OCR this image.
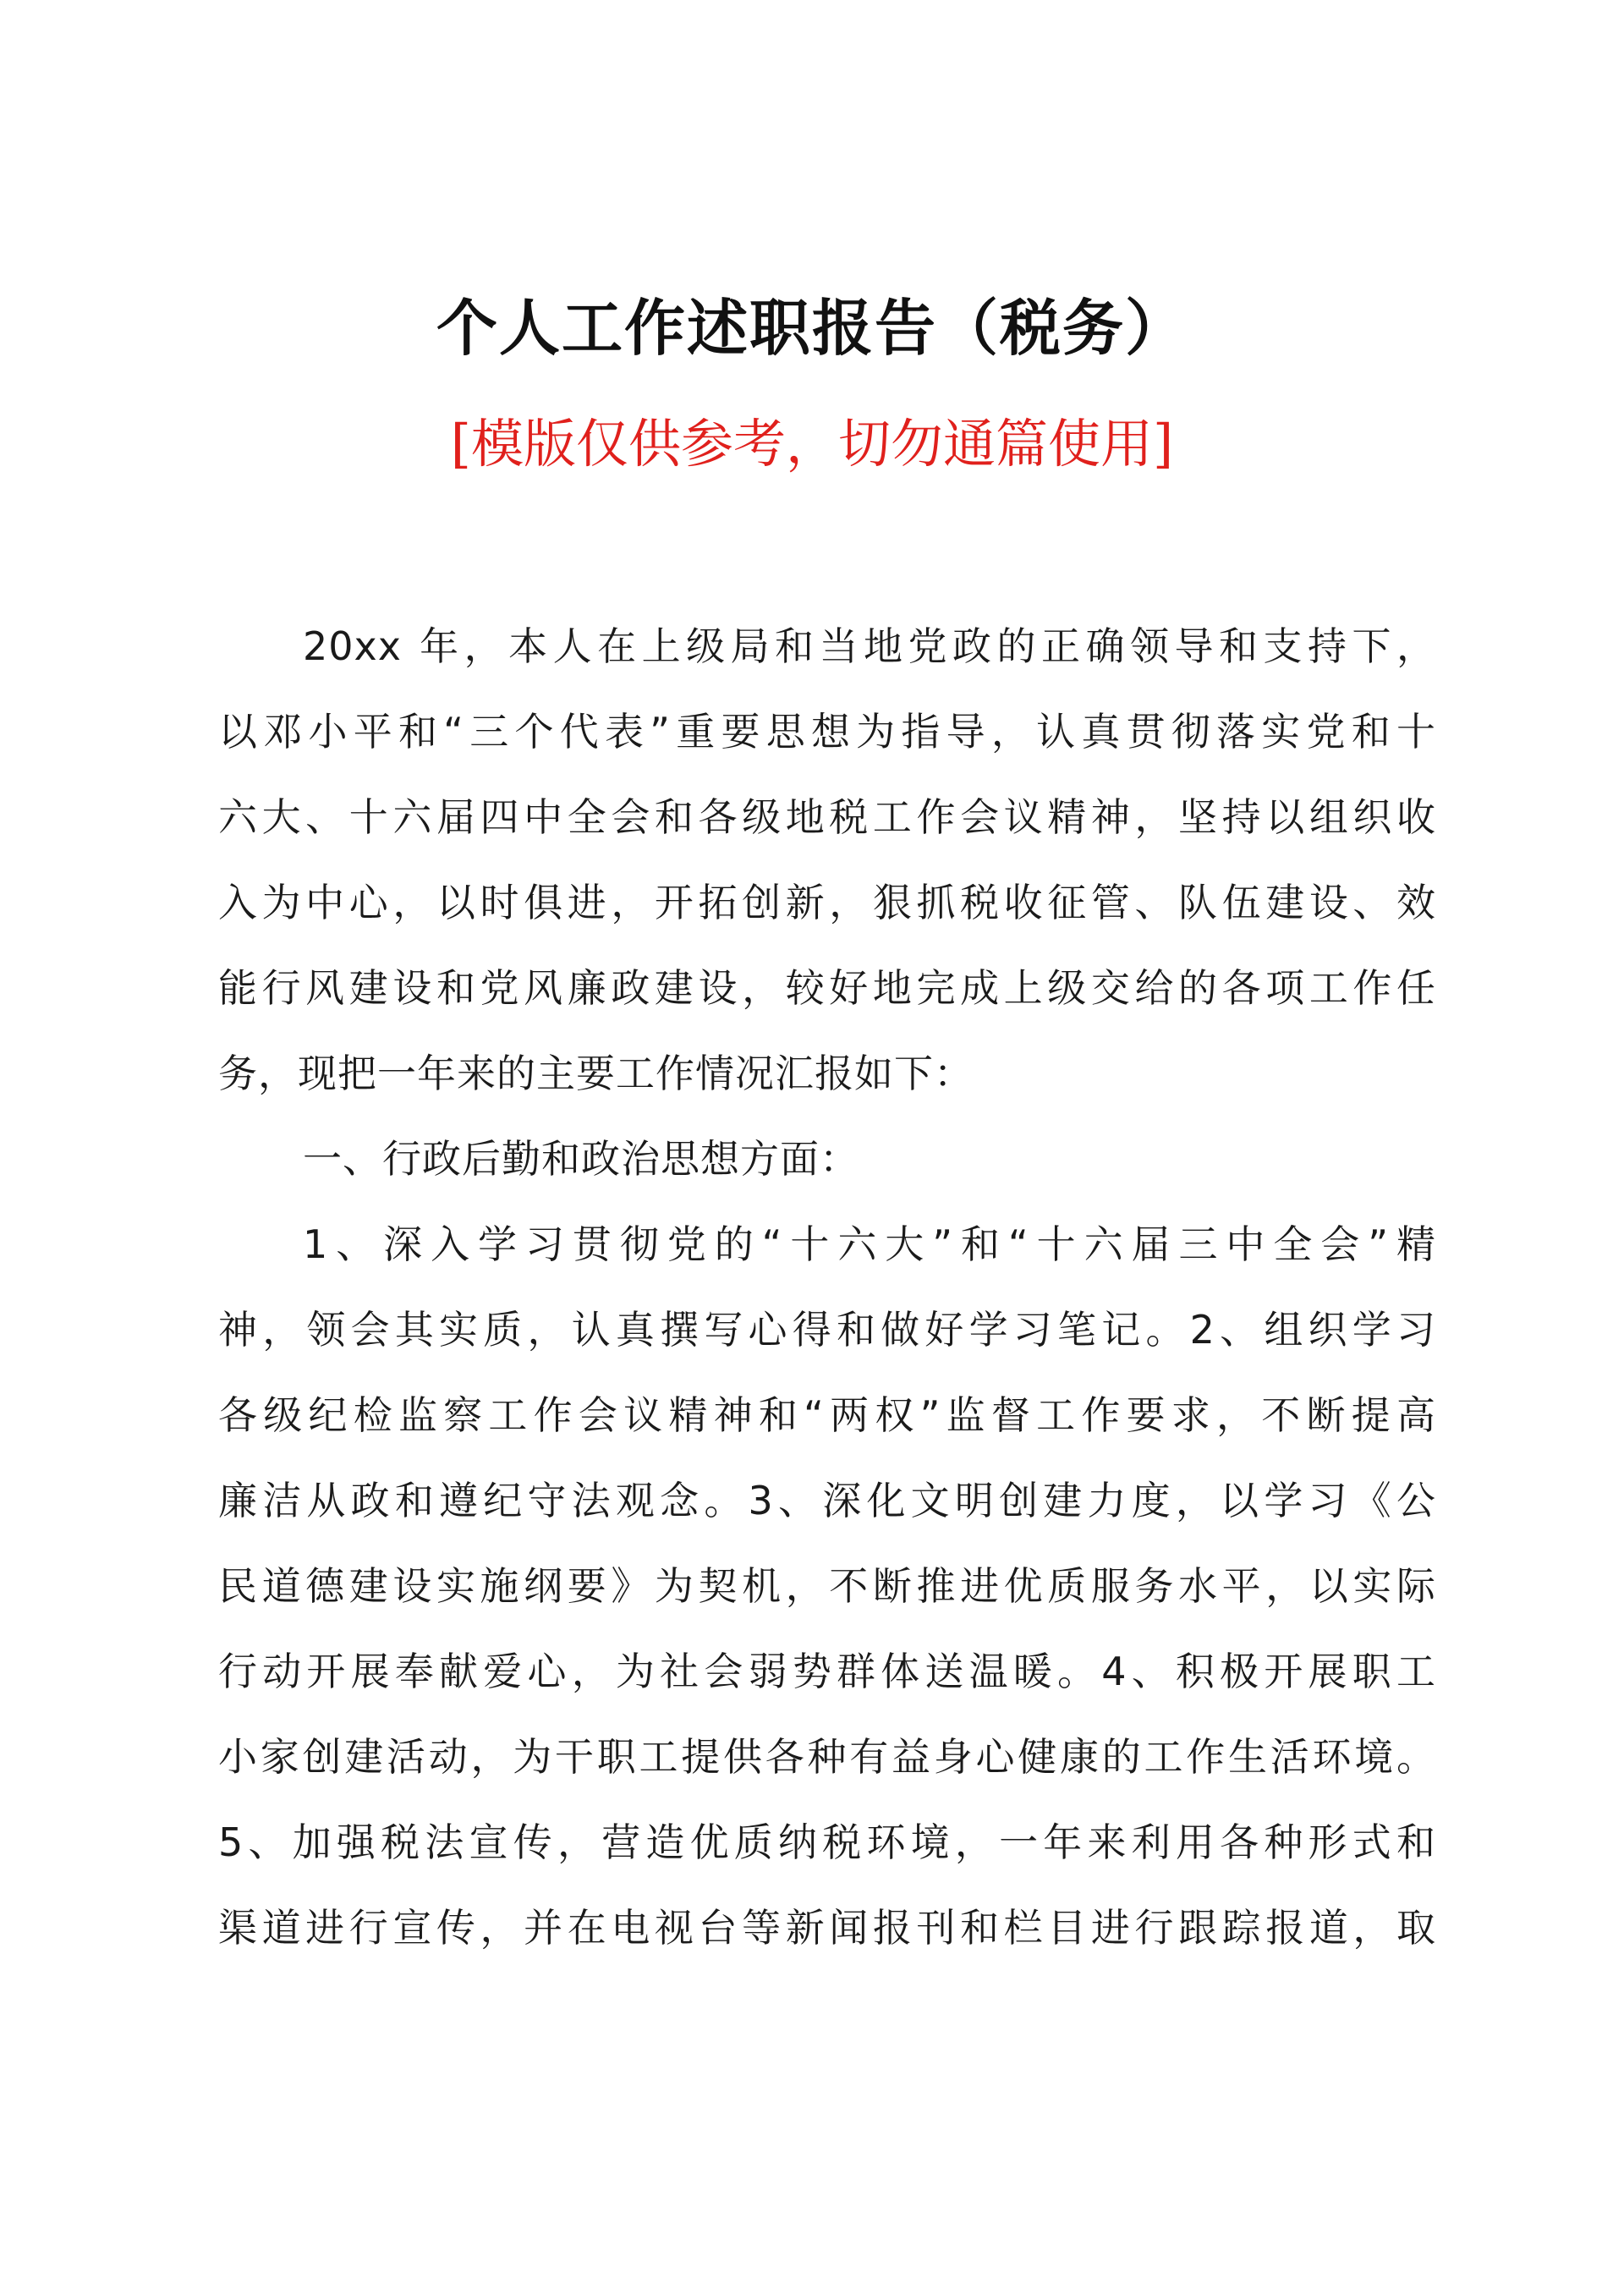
个人工作述职报告（税务）

[模版仅供参考，切勿通篇使用]

20xx 年，本人在上级局和当地党政的正确领导和支持下，
以邓小平和“三个代表”重要思想为指导，认真贯彻落实党和十
六大、十六届四中全会和各级地税工作会议精神，坚持以组织收
入为中心，以时俱进，开拓创新，狠抓税收征管、队伍建设、效
能行风建设和党风廉政建设，较好地完成上级交给的各项工作任
务，现把一年来的主要工作情况汇报如下：
一、行政后勤和政治思想方面：
1、深入学习贯彻党的“十六大”和“十六届三中全会”精
神，领会其实质，认真撰写心得和做好学习笔记。2、组织学习
各级纪检监察工作会议精神和“两权”监督工作要求，不断提高
廉洁从政和遵纪守法观念。3、深化文明创建力度，以学习《公
民道德建设实施纲要》为契机，不断推进优质服务水平，以实际
行动开展奉献爱心，为社会弱势群体送温暖。4、积极开展职工
小家创建活动，为干职工提供各种有益身心健康的工作生活环境。
5、加强税法宣传，营造优质纳税环境，一年来利用各种形式和
渠道进行宣传，并在电视台等新闻报刊和栏目进行跟踪报道，取
